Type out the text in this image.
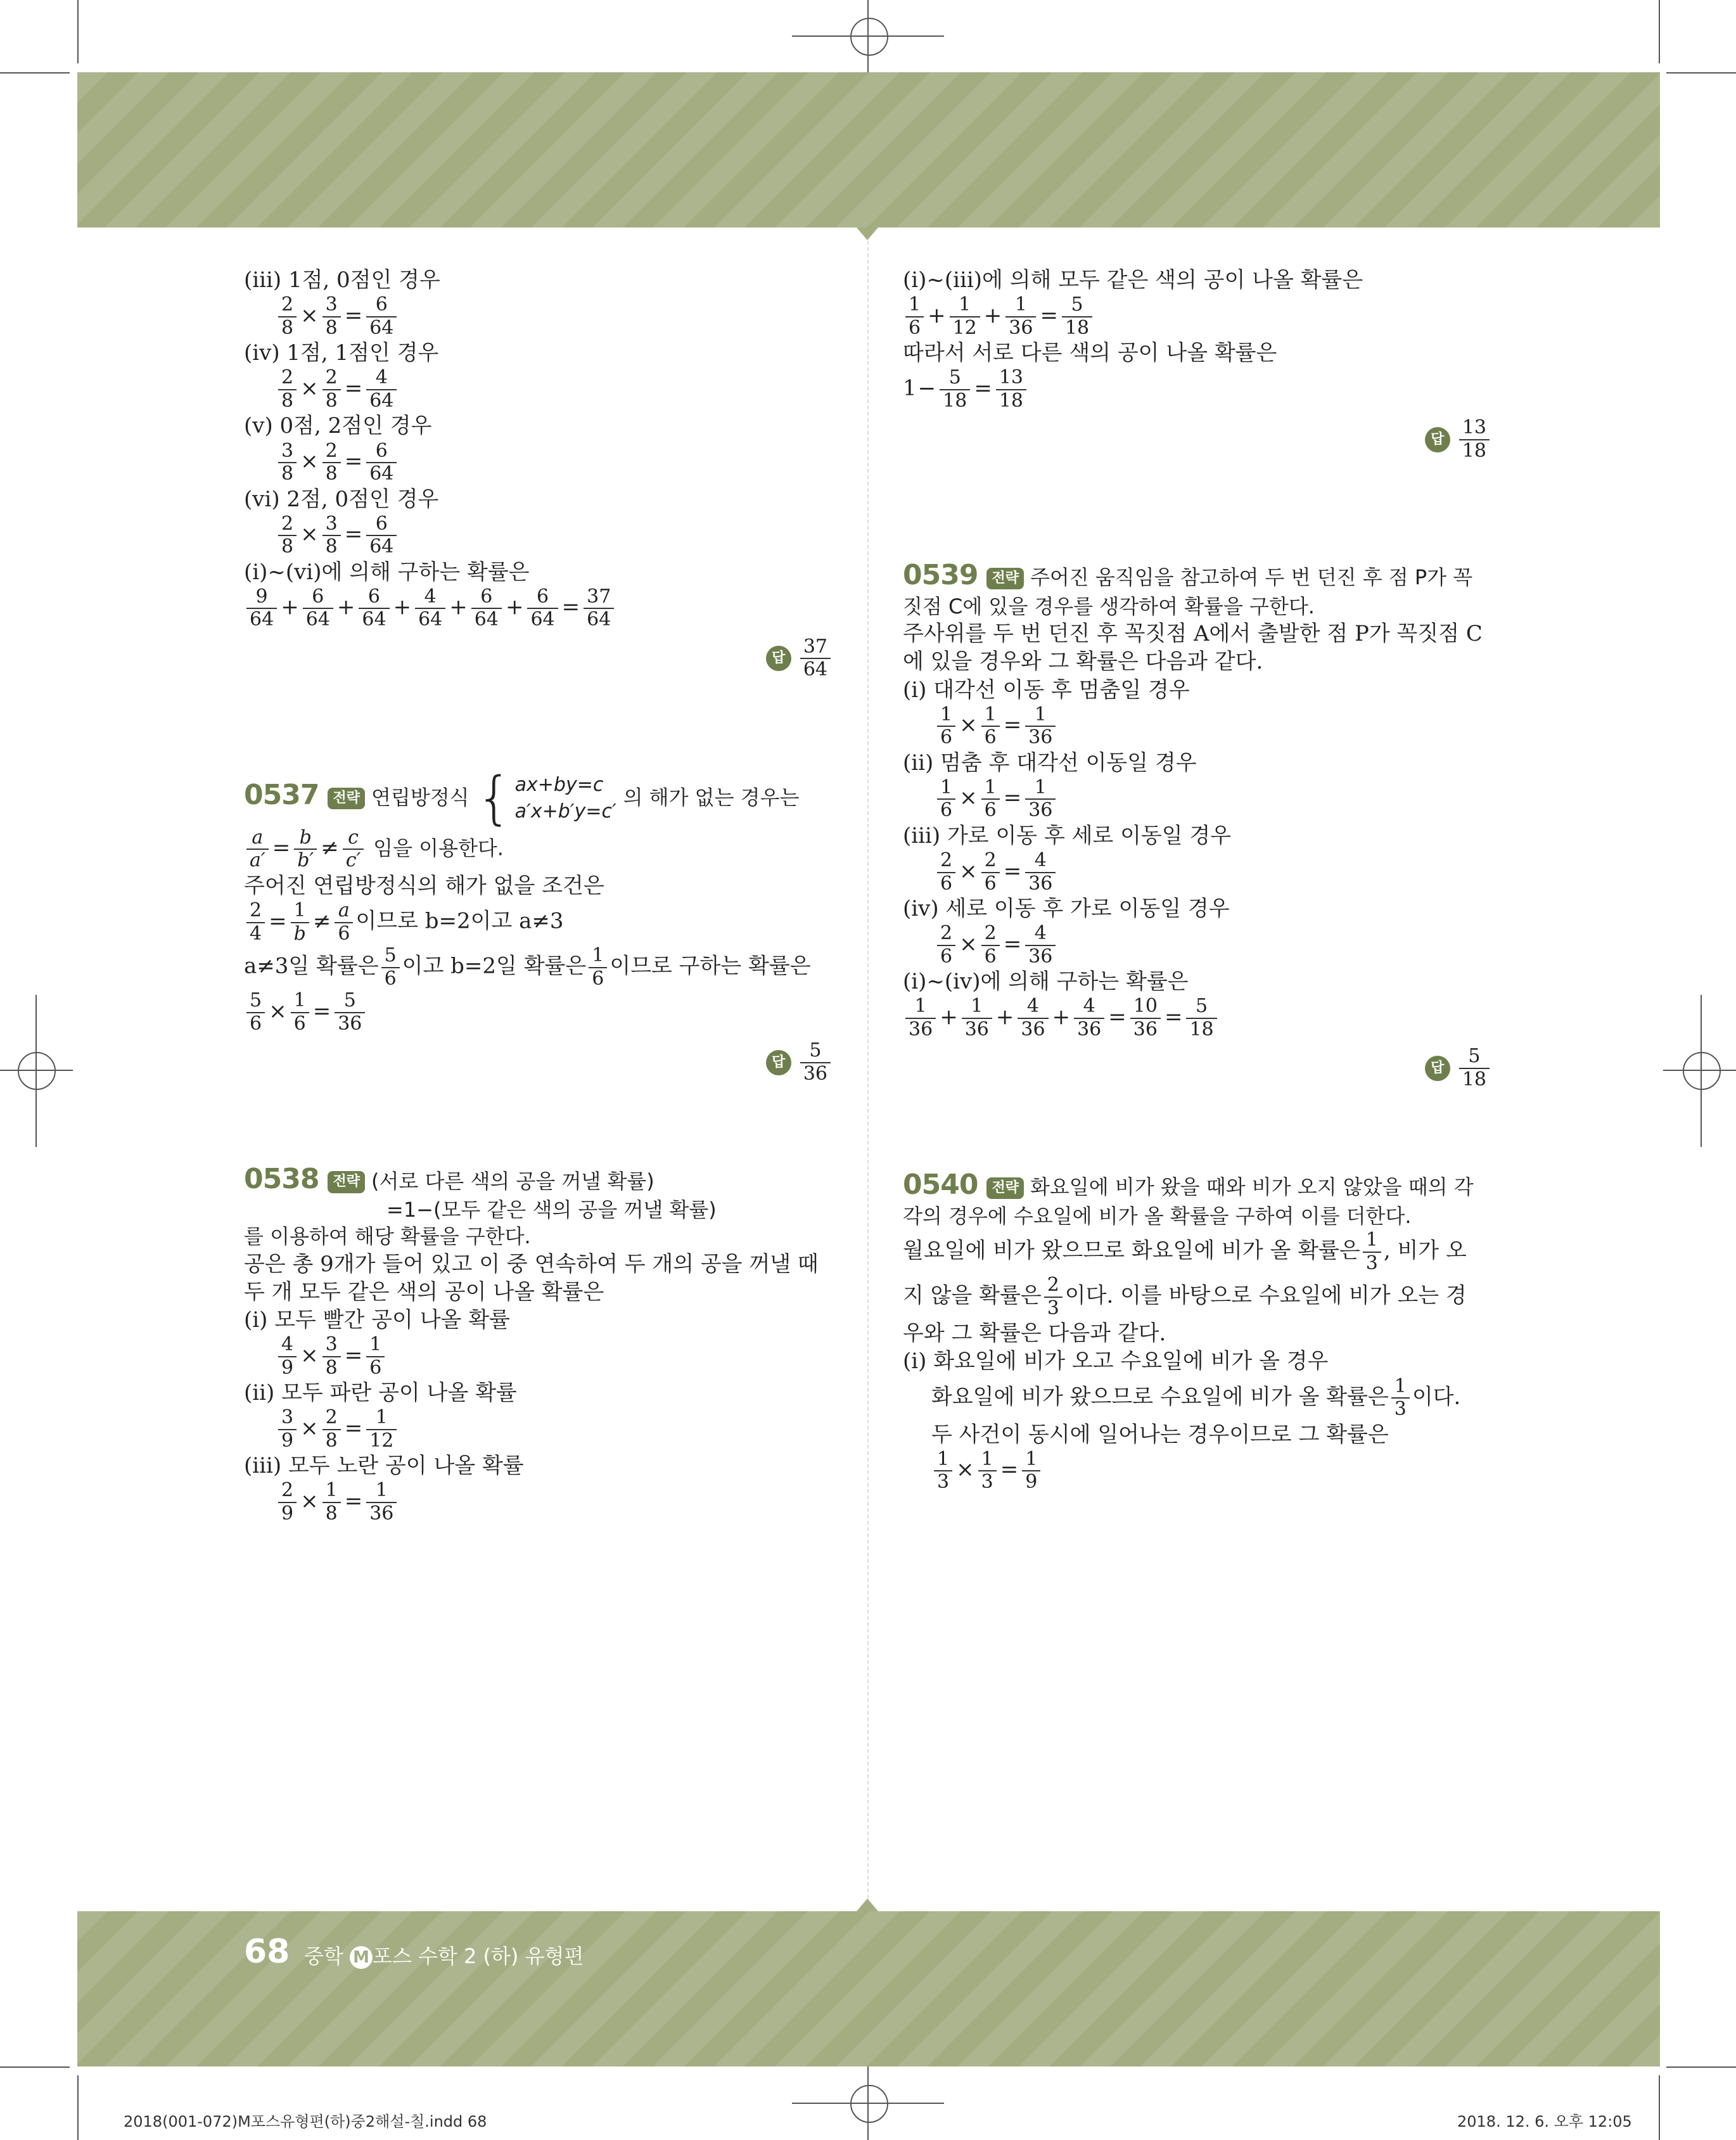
(iii) 1점, 0점인 경우
$\frac{2}{8} \times \frac{3}{8} = \frac{6}{64}$
(iv) 1점, 1점인 경우
$\frac{2}{8} \times \frac{2}{8} = \frac{4}{64}$
(v) 0점, 2점인 경우
$\frac{3}{8} \times \frac{2}{8} = \frac{6}{64}$
(vi) 2점, 0점인 경우
$\frac{2}{8} \times \frac{3}{8} = \frac{6}{64}$
(i)~(vi)에 의해 구하는 확률은
$\frac{9}{64} + \frac{6}{64} + \frac{6}{64} + \frac{4}{64} + \frac{6}{64} + \frac{6}{64} = \frac{37}{64}$
답 $\frac{37}{64}$
0537 전략 연립방정식 { ax+by=c
a′x+b′y=c′
의 해가 없는 경우는
$\frac{a}{a'} = \frac{b}{b'} \ne \frac{c}{c'}$ 임을 이용한다.
주어진 연립방정식의 해가 없을 조건은
$\frac{2}{4} = \frac{1}{b} \ne \frac{a}{6}$ 이므로 b=2이고 a≠3
a≠3일 확률은 $\frac{5}{6}$ 이고 b=2일 확률은 $\frac{1}{6}$ 이므로 구하는 확률은
$\frac{5}{6} \times \frac{1}{6} = \frac{5}{36}$
답 $\frac{5}{36}$
0538 전략 (서로 다른 색의 공을 꺼낼 확률)
=1−(모두 같은 색의 공을 꺼낼 확률)
를 이용하여 해당 확률을 구한다.
공은 총 9개가 들어 있고 이 중 연속하여 두 개의 공을 꺼낼 때
두 개 모두 같은 색의 공이 나올 확률은
(i) 모두 빨간 공이 나올 확률
$\frac{4}{9} \times \frac{3}{8} = \frac{1}{6}$
(ii) 모두 파란 공이 나올 확률
$\frac{3}{9} \times \frac{2}{8} = \frac{1}{12}$
(iii) 모두 노란 공이 나올 확률
$\frac{2}{9} \times \frac{1}{8} = \frac{1}{36}$
(i)~(iii)에 의해 모두 같은 색의 공이 나올 확률은
$\frac{1}{6} + \frac{1}{12} + \frac{1}{36} = \frac{5}{18}$
따라서 서로 다른 색의 공이 나올 확률은
$1- \frac{5}{18} = \frac{13}{18}$
답 $\frac{13}{18}$
0539 전략 주어진 움직임을 참고하여 두 번 던진 후 점 P가 꼭
짓점 C에 있을 경우를 생각하여 확률을 구한다.
주사위를 두 번 던진 후 꼭짓점 A에서 출발한 점 P가 꼭짓점 C
에 있을 경우와 그 확률은 다음과 같다.
(i) 대각선 이동 후 멈춤일 경우
$\frac{1}{6} \times \frac{1}{6} = \frac{1}{36}$
(ii) 멈춤 후 대각선 이동일 경우
$\frac{1}{6} \times \frac{1}{6} = \frac{1}{36}$
(iii) 가로 이동 후 세로 이동일 경우
$\frac{2}{6} \times \frac{2}{6} = \frac{4}{36}$
(iv) 세로 이동 후 가로 이동일 경우
$\frac{2}{6} \times \frac{2}{6} = \frac{4}{36}$
(i)~(iv)에 의해 구하는 확률은
$\frac{1}{36} + \frac{1}{36} + \frac{4}{36} + \frac{4}{36} = \frac{10}{36} = \frac{5}{18}$
답 $\frac{5}{18}$
0540 전략 화요일에 비가 왔을 때와 비가 오지 않았을 때의 각
각의 경우에 수요일에 비가 올 확률을 구하여 이를 더한다.
월요일에 비가 왔으므로 화요일에 비가 올 확률은 $\frac{1}{3}$ , 비가 오
지 않을 확률은 $\frac{2}{3}$ 이다. 이를 바탕으로 수요일에 비가 오는 경
우와 그 확률은 다음과 같다.
(i) 화요일에 비가 오고 수요일에 비가 올 경우
화요일에 비가 왔으므로 수요일에 비가 올 확률은 $\frac{1}{3}$ 이다.
두 사건이 동시에 일어나는 경우이므로 그 확률은
$\frac{1}{3} \times \frac{1}{3} = \frac{1}{9}$
68 중학 M 포스 수학 2 (하) 유형편
2018(001-072)M포스유형편(하)중2해설-칠.indd 68	2018. 12. 6. 오후 12:05
